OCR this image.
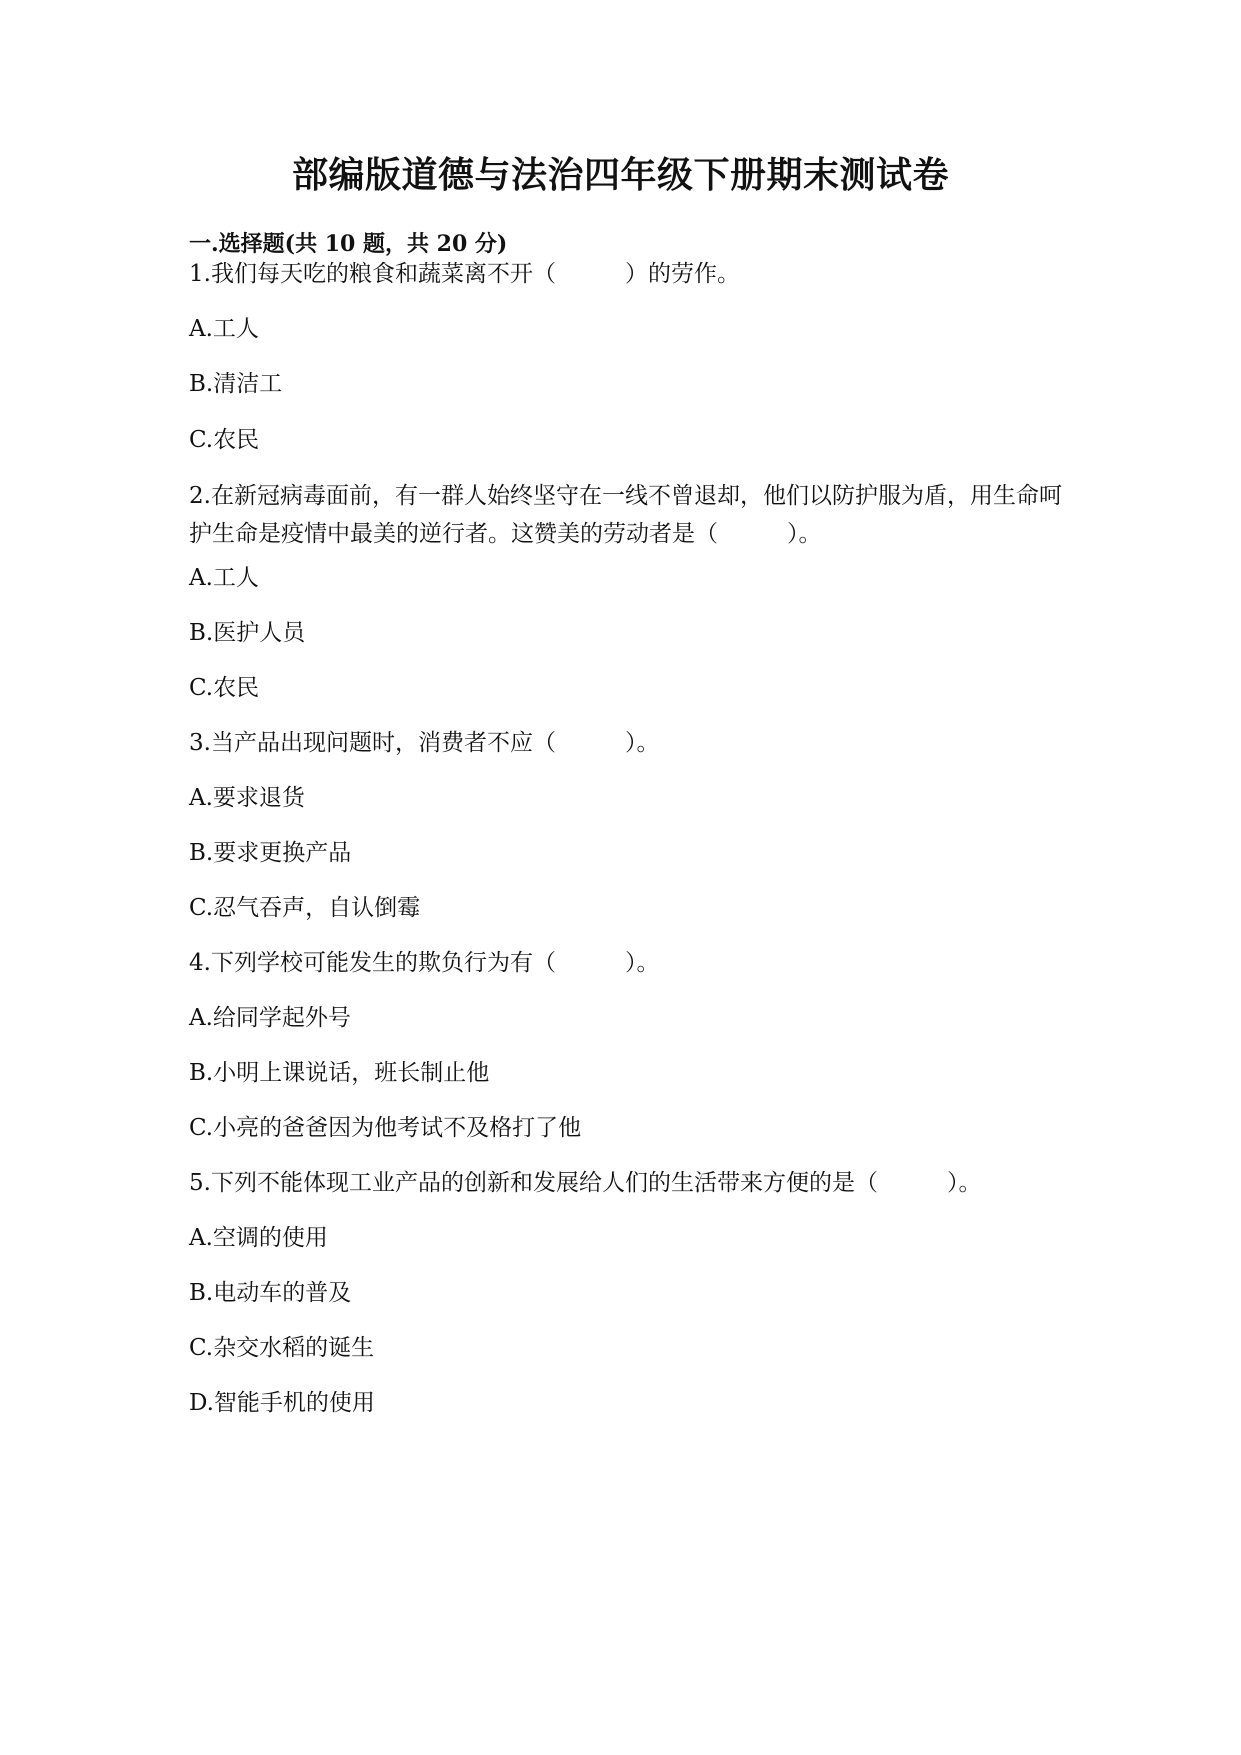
部编版道德与法治四年级下册期末测试卷
一.选择题(共 10 题，共 20 分)
1.我们每天吃的粮食和蔬菜离不开（　　　）的劳作。
A.工人
B.清洁工
C.农民
2.在新冠病毒面前，有一群人始终坚守在一线不曾退却，他们以防护服为盾，用生命呵护生命是疫情中最美的逆行者。这赞美的劳动者是（　　　）。
A.工人
B.医护人员
C.农民
3.当产品出现问题时，消费者不应（　　　）。
A.要求退货
B.要求更换产品
C.忍气吞声，自认倒霉
4.下列学校可能发生的欺负行为有（　　　）。
A.给同学起外号
B.小明上课说话，班长制止他
C.小亮的爸爸因为他考试不及格打了他
5.下列不能体现工业产品的创新和发展给人们的生活带来方便的是（　　　）。
A.空调的使用
B.电动车的普及
C.杂交水稻的诞生
D.智能手机的使用
